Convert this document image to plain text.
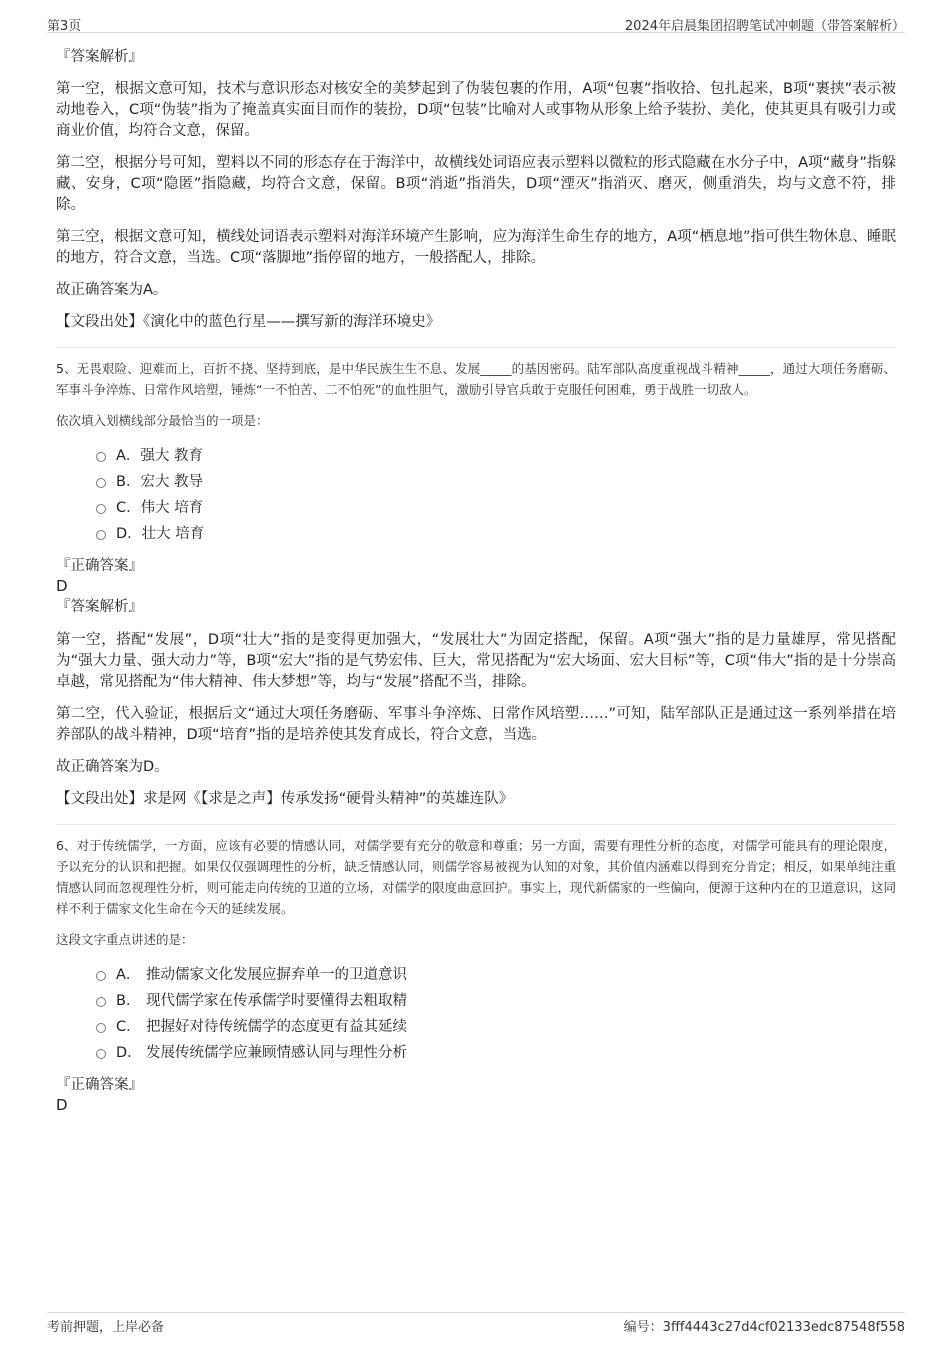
第3页	2024年启晨集团招聘笔试冲刺题（带答案解析）

『答案解析』

第一空，根据文意可知，技术与意识形态对核安全的美梦起到了伪装包裹的作用，A项“包裹”指收拾、包扎起来，B项“裹挟”表示被动地卷入，C项“伪装”指为了掩盖真实面目而作的装扮，D项“包装”比喻对人或事物从形象上给予装扮、美化，使其更具有吸引力或商业价值，均符合文意，保留。

第二空，根据分号可知，塑料以不同的形态存在于海洋中，故横线处词语应表示塑料以微粒的形式隐藏在水分子中，A项“藏身”指躲藏、安身，C项“隐匿”指隐藏，均符合文意，保留。B项“消逝”指消失，D项“湮灭”指消灭、磨灭，侧重消失，均与文意不符，排除。

第三空，根据文意可知，横线处词语表示塑料对海洋环境产生影响，应为海洋生命生存的地方，A项“栖息地”指可供生物休息、睡眠的地方，符合文意，当选。C项“落脚地”指停留的地方，一般搭配人，排除。

故正确答案为A。

【文段出处】《演化中的蓝色行星——撰写新的海洋环境史》

5、无畏艰险、迎难而上，百折不挠、坚持到底，是中华民族生生不息、发展_____的基因密码。陆军部队高度重视战斗精神_____，通过大项任务磨砺、军事斗争淬炼、日常作风培塑，锤炼“一不怕苦、二不怕死”的血性胆气，激励引导官兵敢于克服任何困难，勇于战胜一切敌人。

依次填入划横线部分最恰当的一项是：

A．强大 教育
B．宏大 教导
C．伟大 培育
D．壮大 培育

『正确答案』

D

『答案解析』

第一空，搭配“发展”，D项“壮大”指的是变得更加强大，“发展壮大”为固定搭配，保留。A项“强大”指的是力量雄厚，常见搭配为“强大力量、强大动力”等，B项“宏大”指的是气势宏伟、巨大，常见搭配为“宏大场面、宏大目标”等，C项“伟大”指的是十分崇高卓越，常见搭配为“伟大精神、伟大梦想”等，均与“发展”搭配不当，排除。

第二空，代入验证，根据后文“通过大项任务磨砺、军事斗争淬炼、日常作风培塑……”可知，陆军部队正是通过这一系列举措在培养部队的战斗精神，D项“培育”指的是培养使其发育成长，符合文意，当选。

故正确答案为D。

【文段出处】求是网《【求是之声】传承发扬“硬骨头精神”的英雄连队》

6、对于传统儒学，一方面，应该有必要的情感认同，对儒学要有充分的敬意和尊重；另一方面，需要有理性分析的态度，对儒学可能具有的理论限度，予以充分的认识和把握。如果仅仅强调理性的分析，缺乏情感认同，则儒学容易被视为认知的对象，其价值内涵难以得到充分肯定；相反，如果单纯注重情感认同而忽视理性分析，则可能走向传统的卫道的立场，对儒学的限度曲意回护。事实上，现代新儒家的一些偏向，便源于这种内在的卫道意识，这同样不利于儒家文化生命在今天的延续发展。

这段文字重点讲述的是：

A． 推动儒家文化发展应摒弃单一的卫道意识
B． 现代儒学家在传承儒学时要懂得去粗取精
C． 把握好对待传统儒学的态度更有益其延续
D． 发展传统儒学应兼顾情感认同与理性分析

『正确答案』

D

考前押题，上岸必备	编号：3fff4443c27d4cf02133edc87548f558
